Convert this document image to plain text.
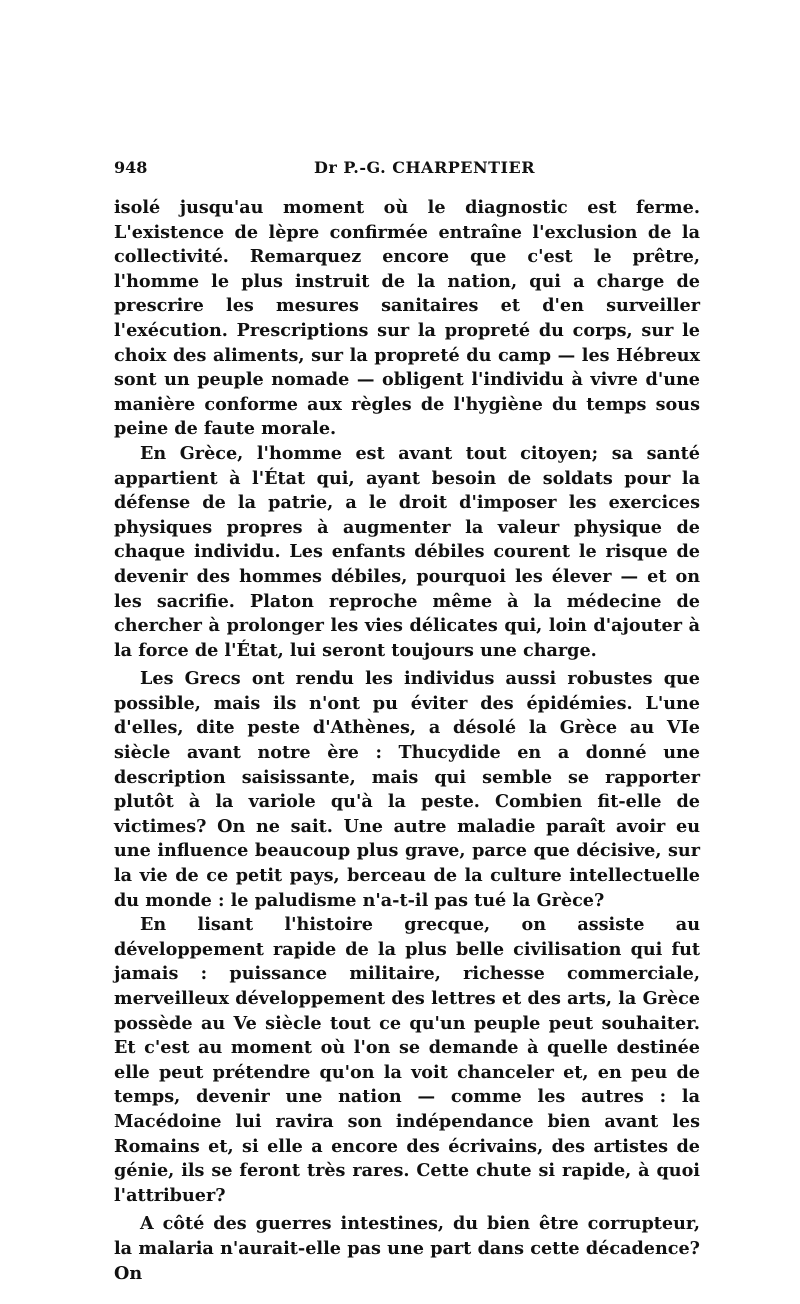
948	Dr P.-G. CHARPENTIER

isolé jusqu'au moment où le diagnostic est ferme. L'existence de lèpre confirmée entraîne l'exclusion de la collectivité. Remarquez encore que c'est le prêtre, l'homme le plus instruit de la nation, qui a charge de prescrire les mesures sanitaires et d'en surveiller l'exécution. Prescriptions sur la propreté du corps, sur le choix des aliments, sur la propreté du camp — les Hébreux sont un peuple nomade — obligent l'individu à vivre d'une manière conforme aux règles de l'hygiène du temps sous peine de faute morale.

En Grèce, l'homme est avant tout citoyen; sa santé appartient à l'État qui, ayant besoin de soldats pour la défense de la patrie, a le droit d'imposer les exercices physiques propres à augmenter la valeur physique de chaque individu. Les enfants débiles courent le risque de devenir des hommes débiles, pourquoi les élever — et on les sacrifie. Platon reproche même à la médecine de chercher à prolonger les vies délicates qui, loin d'ajouter à la force de l'État, lui seront toujours une charge.

Les Grecs ont rendu les individus aussi robustes que possible, mais ils n'ont pu éviter des épidémies. L'une d'elles, dite peste d'Athènes, a désolé la Grèce au VIe siècle avant notre ère : Thucydide en a donné une description saisissante, mais qui semble se rapporter plutôt à la variole qu'à la peste. Combien fit-elle de victimes? On ne sait. Une autre maladie paraît avoir eu une influence beaucoup plus grave, parce que décisive, sur la vie de ce petit pays, berceau de la culture intellectuelle du monde : le paludisme n'a-t-il pas tué la Grèce?

En lisant l'histoire grecque, on assiste au développement rapide de la plus belle civilisation qui fut jamais : puissance militaire, richesse commerciale, merveilleux développement des lettres et des arts, la Grèce possède au Ve siècle tout ce qu'un peuple peut souhaiter. Et c'est au moment où l'on se demande à quelle destinée elle peut prétendre qu'on la voit chanceler et, en peu de temps, devenir une nation — comme les autres : la Macédoine lui ravira son indépendance bien avant les Romains et, si elle a encore des écrivains, des artistes de génie, ils se feront très rares. Cette chute si rapide, à quoi l'attribuer?

A côté des guerres intestines, du bien être corrupteur, la malaria n'aurait-elle pas une part dans cette décadence? On
